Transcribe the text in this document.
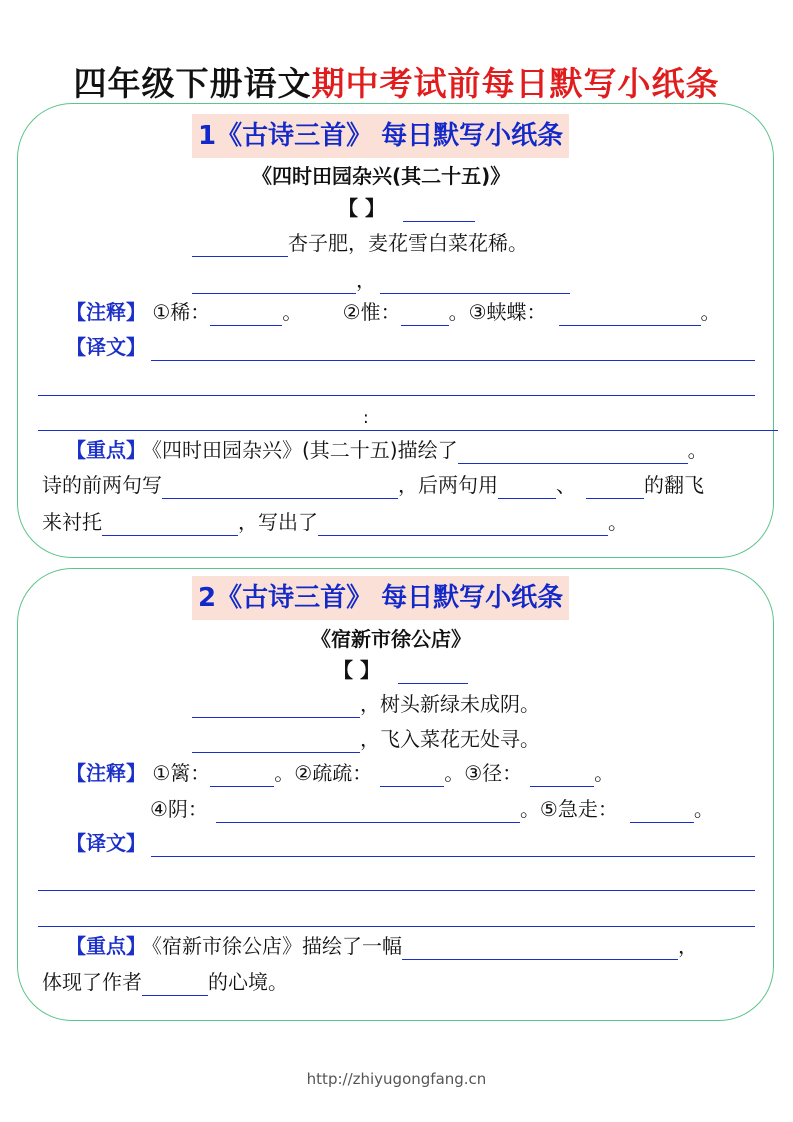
四年级下册语文期中考试前每日默写小纸条
1《古诗三首》 每日默写小纸条
《四时田园杂兴(其二十五)》
【 】
杏子肥，麦花雪白菜花稀。
，
【注释】 ①稀：	。 ②惟： 。③蛱蝶：	。
【译文】
:
【重点】 《四时田园杂兴》(其二十五)描绘了	。
诗的前两句写	，后两句用	、	的翻飞
来衬托	，写出了	。
2《古诗三首》 每日默写小纸条
《宿新市徐公店》
【 】
，树头新绿未成阴。
，飞入菜花无处寻。
【注释】 ①篱：	。②疏疏：	。③径：	。
④阴：	。⑤急走：	。
【译文】
【重点】 《宿新市徐公店》描绘了一幅	，
体现了作者	的心境。
http://zhiyugongfang.cn
